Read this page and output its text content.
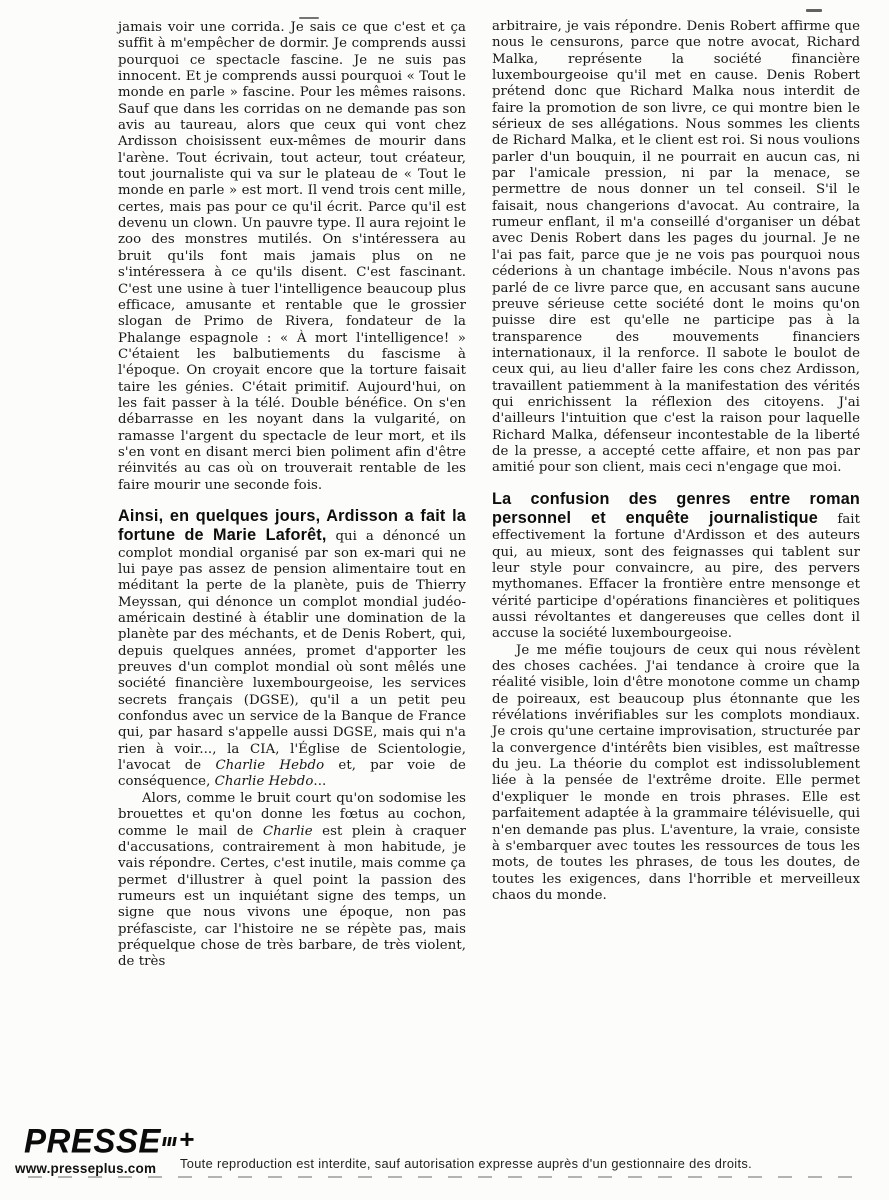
jamais voir une corrida. Je sais ce que c'est et ça suffit à m'empêcher de dormir. Je comprends aussi pourquoi ce spectacle fascine. Je ne suis pas innocent. Et je comprends aussi pourquoi « Tout le monde en parle » fascine. Pour les mêmes raisons. Sauf que dans les corridas on ne demande pas son avis au taureau, alors que ceux qui vont chez Ardisson choisissent eux-mêmes de mourir dans l'arène. Tout écrivain, tout acteur, tout créateur, tout journaliste qui va sur le plateau de « Tout le monde en parle » est mort. Il vend trois cent mille, certes, mais pas pour ce qu'il écrit. Parce qu'il est devenu un clown. Un pauvre type. Il aura rejoint le zoo des monstres mutilés. On s'intéressera au bruit qu'ils font mais jamais plus on ne s'intéressera à ce qu'ils disent. C'est fascinant. C'est une usine à tuer l'intelligence beaucoup plus efficace, amusante et rentable que le grossier slogan de Primo de Rivera, fondateur de la Phalange espagnole : « À mort l'intelligence! » C'étaient les balbutiements du fascisme à l'époque. On croyait encore que la torture faisait taire les génies. C'était primitif. Aujourd'hui, on les fait passer à la télé. Double bénéfice. On s'en débarrasse en les noyant dans la vulgarité, on ramasse l'argent du spectacle de leur mort, et ils s'en vont en disant merci bien poliment afin d'être réinvités au cas où on trouverait rentable de les faire mourir une seconde fois.

Ainsi, en quelques jours, Ardisson a fait la fortune de Marie Laforêt, qui a dénoncé un complot mondial organisé par son ex-mari qui ne lui paye pas assez de pension alimentaire tout en méditant la perte de la planète, puis de Thierry Meyssan, qui dénonce un complot mondial judéo-américain destiné à établir une domination de la planète par des méchants, et de Denis Robert, qui, depuis quelques années, promet d'apporter les preuves d'un complot mondial où sont mêlés une société financière luxembourgeoise, les services secrets français (DGSE), qu'il a un petit peu confondus avec un service de la Banque de France qui, par hasard s'appelle aussi DGSE, mais qui n'a rien à voir..., la CIA, l'Église de Scientologie, l'avocat de Charlie Hebdo et, par voie de conséquence, Charlie Hebdo...

Alors, comme le bruit court qu'on sodomise les brouettes et qu'on donne les fœtus au cochon, comme le mail de Charlie est plein à craquer d'accusations, contrairement à mon habitude, je vais répondre. Certes, c'est inutile, mais comme ça permet d'illustrer à quel point la passion des rumeurs est un inquiétant signe des temps, un signe que nous vivons une époque, non pas préfasciste, car l'histoire ne se répète pas, mais préquelque chose de très barbare, de très violent, de très

arbitraire, je vais répondre. Denis Robert affirme que nous le censurons, parce que notre avocat, Richard Malka, représente la société financière luxembourgeoise qu'il met en cause. Denis Robert prétend donc que Richard Malka nous interdit de faire la promotion de son livre, ce qui montre bien le sérieux de ses allégations. Nous sommes les clients de Richard Malka, et le client est roi. Si nous voulions parler d'un bouquin, il ne pourrait en aucun cas, ni par l'amicale pression, ni par la menace, se permettre de nous donner un tel conseil. S'il le faisait, nous changerions d'avocat. Au contraire, la rumeur enflant, il m'a conseillé d'organiser un débat avec Denis Robert dans les pages du journal. Je ne l'ai pas fait, parce que je ne vois pas pourquoi nous céderions à un chantage imbécile. Nous n'avons pas parlé de ce livre parce que, en accusant sans aucune preuve sérieuse cette société dont le moins qu'on puisse dire est qu'elle ne participe pas à la transparence des mouvements financiers internationaux, il la renforce. Il sabote le boulot de ceux qui, au lieu d'aller faire les cons chez Ardisson, travaillent patiemment à la manifestation des vérités qui enrichissent la réflexion des citoyens. J'ai d'ailleurs l'intuition que c'est la raison pour laquelle Richard Malka, défenseur incontestable de la liberté de la presse, a accepté cette affaire, et non pas par amitié pour son client, mais ceci n'engage que moi.

La confusion des genres entre roman personnel et enquête journalistique fait effectivement la fortune d'Ardisson et des auteurs qui, au mieux, sont des feignasses qui tablent sur leur style pour convaincre, au pire, des pervers mythomanes. Effacer la frontière entre mensonge et vérité participe d'opérations financières et politiques aussi révoltantes et dangereuses que celles dont il accuse la société luxembourgeoise.

Je me méfie toujours de ceux qui nous révèlent des choses cachées. J'ai tendance à croire que la réalité visible, loin d'être monotone comme un champ de poireaux, est beaucoup plus étonnante que les révélations invérifiables sur les complots mondiaux. Je crois qu'une certaine improvisation, structurée par la convergence d'intérêts bien visibles, est maîtresse du jeu. La théorie du complot est indissolublement liée à la pensée de l'extrême droite. Elle permet d'expliquer le monde en trois phrases. Elle est parfaitement adaptée à la grammaire télévisuelle, qui n'en demande pas plus. L'aventure, la vraie, consiste à s'embarquer avec toutes les ressources de tous les mots, de toutes les phrases, de tous les doutes, de toutes les exigences, dans l'horrible et merveilleux chaos du monde.

PRESSE +
www.presseplus.com Toute reproduction est interdite, sauf autorisation expresse auprès d'un gestionnaire des droits.
